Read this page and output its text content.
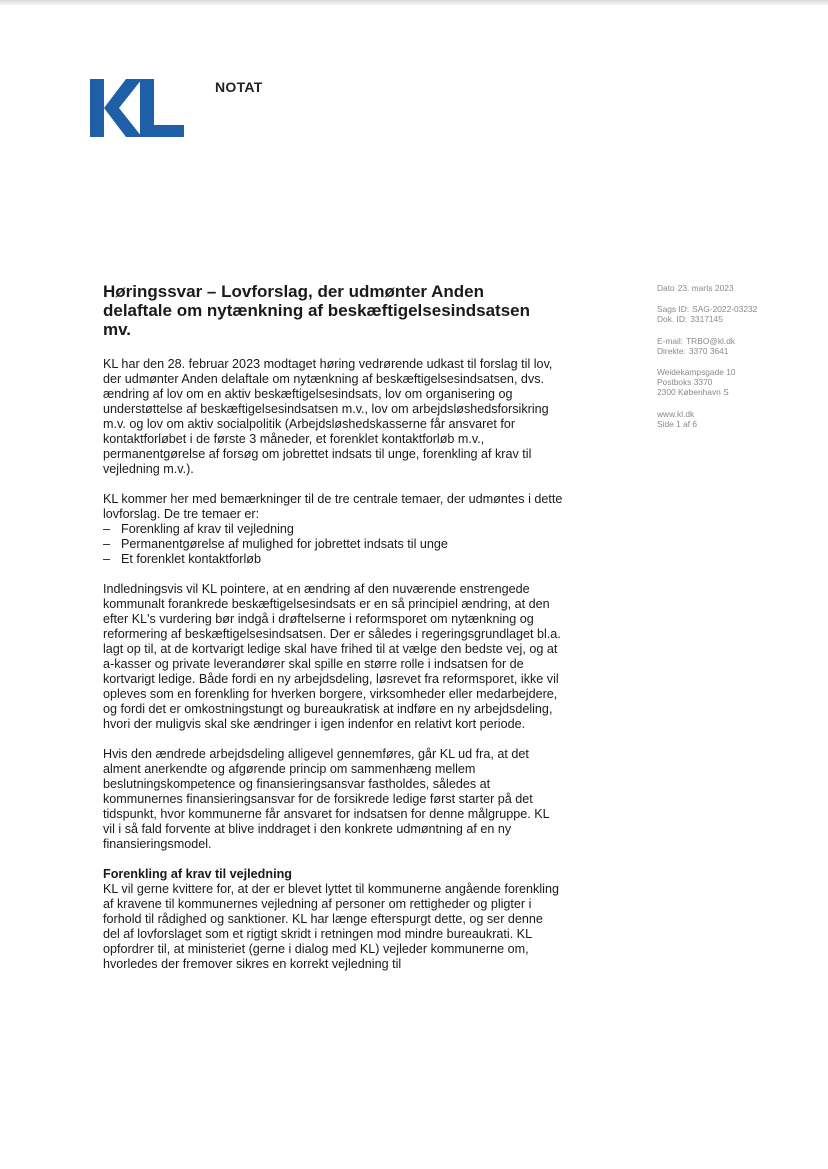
NOTAT
Dato 23. marts 2023
Sags ID: SAG-2022-03232
Dok. ID: 3317145
E-mail: TRBO@kl.dk
Direkte: 3370 3641
Weidekampsgade 10
Postboks 3370
2300 København S
www.kl.dk
Side 1 af 6
Høringssvar – Lovforslag, der udmønter Anden delaftale om nytænkning af beskæftigelsesindsatsen mv.

KL har den 28. februar 2023 modtaget høring vedrørende udkast til forslag til lov, der udmønter Anden delaftale om nytænkning af beskæftigelsesindsatsen, dvs. ændring af lov om en aktiv beskæftigelsesindsats, lov om organisering og understøttelse af beskæftigelsesindsatsen m.v., lov om arbejdsløshedsforsikring m.v. og lov om aktiv socialpolitik (Arbejdsløshedskasserne får ansvaret for kontaktforløbet i de første 3 måneder, et forenklet kontaktforløb m.v., permanentgørelse af forsøg om jobrettet indsats til unge, forenkling af krav til vejledning m.v.).

KL kommer her med bemærkninger til de tre centrale temaer, der udmøntes i dette lovforslag. De tre temaer er:

– Forenkling af krav til vejledning
– Permanentgørelse af mulighed for jobrettet indsats til unge
– Et forenklet kontaktforløb

Indledningsvis vil KL pointere, at en ændring af den nuværende enstrengede kommunalt forankrede beskæftigelsesindsats er en så principiel ændring, at den efter KL's vurdering bør indgå i drøftelserne i reformsporet om nytænkning og reformering af beskæftigelsesindsatsen. Der er således i regeringsgrundlaget bl.a. lagt op til, at de kortvarigt ledige skal have frihed til at vælge den bedste vej, og at a-kasser og private leverandører skal spille en større rolle i indsatsen for de kortvarigt ledige. Både fordi en ny arbejdsdeling, løsrevet fra reformsporet, ikke vil opleves som en forenkling for hverken borgere, virksomheder eller medarbejdere, og fordi det er omkostningstungt og bureaukratisk at indføre en ny arbejdsdeling, hvori der muligvis skal ske ændringer i igen indenfor en relativt kort periode.

Hvis den ændrede arbejdsdeling alligevel gennemføres, går KL ud fra, at det alment anerkendte og afgørende princip om sammenhæng mellem beslutningskompetence og finansieringsansvar fastholdes, således at kommunernes finansieringsansvar for de forsikrede ledige først starter på det tidspunkt, hvor kommunerne får ansvaret for indsatsen for denne målgruppe. KL vil i så fald forvente at blive inddraget i den konkrete udmøntning af en ny finansieringsmodel.

Forenkling af krav til vejledning

KL vil gerne kvittere for, at der er blevet lyttet til kommunerne angående forenkling af kravene til kommunernes vejledning af personer om rettigheder og pligter i forhold til rådighed og sanktioner. KL har længe efterspurgt dette, og ser denne del af lovforslaget som et rigtigt skridt i retningen mod mindre bureaukrati. KL opfordrer til, at ministeriet (gerne i dialog med KL) vejleder kommunerne om, hvorledes der fremover sikres en korrekt vejledning til
